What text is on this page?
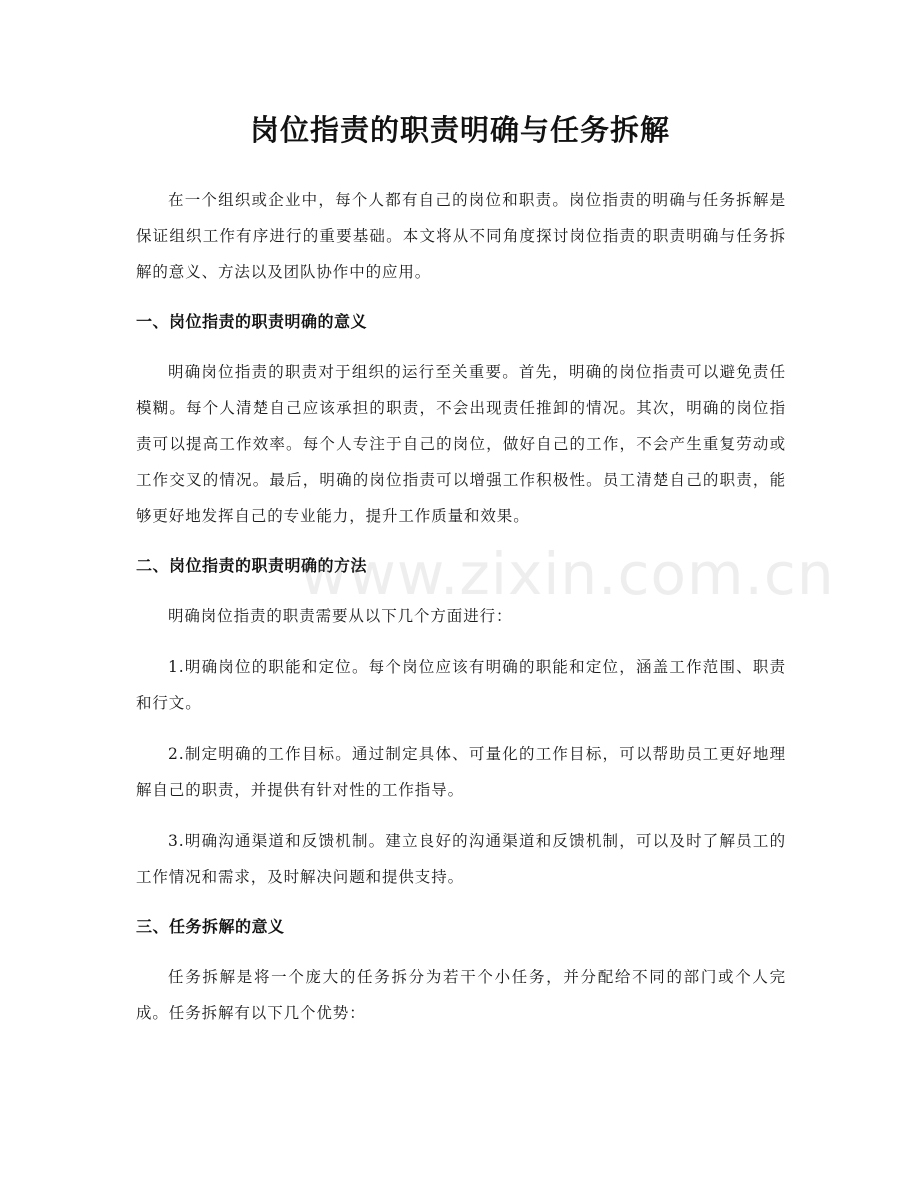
岗位指责的职责明确与任务拆解

在一个组织或企业中，每个人都有自己的岗位和职责。岗位指责的明确与任务拆解是保证组织工作有序进行的重要基础。本文将从不同角度探讨岗位指责的职责明确与任务拆解的意义、方法以及团队协作中的应用。

一、岗位指责的职责明确的意义

明确岗位指责的职责对于组织的运行至关重要。首先，明确的岗位指责可以避免责任模糊。每个人清楚自己应该承担的职责，不会出现责任推卸的情况。其次，明确的岗位指责可以提高工作效率。每个人专注于自己的岗位，做好自己的工作，不会产生重复劳动或工作交叉的情况。最后，明确的岗位指责可以增强工作积极性。员工清楚自己的职责，能够更好地发挥自己的专业能力，提升工作质量和效果。

二、岗位指责的职责明确的方法

明确岗位指责的职责需要从以下几个方面进行：

1.明确岗位的职能和定位。每个岗位应该有明确的职能和定位，涵盖工作范围、职责和行文。

2.制定明确的工作目标。通过制定具体、可量化的工作目标，可以帮助员工更好地理解自己的职责，并提供有针对性的工作指导。

3.明确沟通渠道和反馈机制。建立良好的沟通渠道和反馈机制，可以及时了解员工的工作情况和需求，及时解决问题和提供支持。

三、任务拆解的意义

任务拆解是将一个庞大的任务拆分为若干个小任务，并分配给不同的部门或个人完成。任务拆解有以下几个优势：

www.zixin.com.cn
